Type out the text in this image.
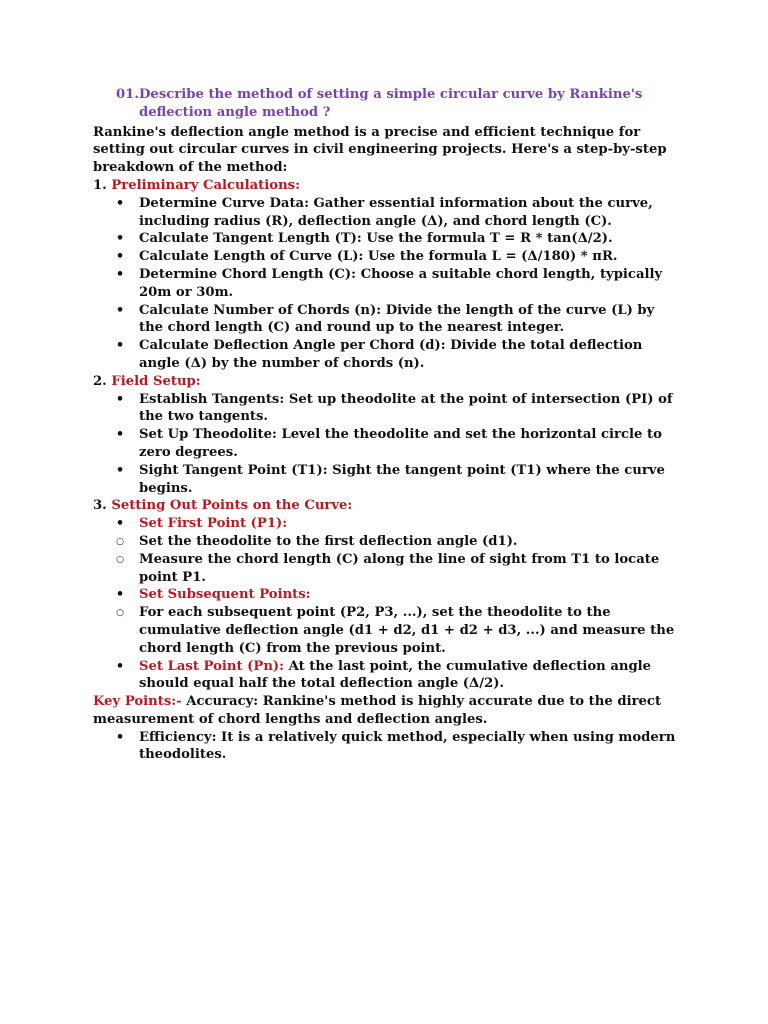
01. Describe the method of setting a simple circular curve by Rankine's deflection angle method ?

Rankine's deflection angle method is a precise and efficient technique for setting out circular curves in civil engineering projects. Here's a step-by-step breakdown of the method:

1. Preliminary Calculations:

•
Determine Curve Data: Gather essential information about the curve, including radius (R), deflection angle (Δ), and chord length (C).
•
Calculate Tangent Length (T): Use the formula T = R * tan(Δ/2).
•
Calculate Length of Curve (L): Use the formula L = (Δ/180) * πR.
•
Determine Chord Length (C): Choose a suitable chord length, typically 20m or 30m.
•
Calculate Number of Chords (n): Divide the length of the curve (L) by the chord length (C) and round up to the nearest integer.
•
Calculate Deflection Angle per Chord (d): Divide the total deflection angle (Δ) by the number of chords (n).

2. Field Setup:

•
Establish Tangents: Set up theodolite at the point of intersection (PI) of the two tangents.
•
Set Up Theodolite: Level the theodolite and set the horizontal circle to zero degrees.
•
Sight Tangent Point (T1): Sight the tangent point (T1) where the curve begins.

3. Setting Out Points on the Curve:

•
Set First Point (P1):
○
Set the theodolite to the first deflection angle (d1).
○
Measure the chord length (C) along the line of sight from T1 to locate point P1.
•
Set Subsequent Points:
○
For each subsequent point (P2, P3, ...), set the theodolite to the cumulative deflection angle (d1 + d2, d1 + d2 + d3, ...) and measure the chord length (C) from the previous point.
•
Set Last Point (Pn): At the last point, the cumulative deflection angle should equal half the total deflection angle (Δ/2).

Key Points:- Accuracy: Rankine's method is highly accurate due to the direct measurement of chord lengths and deflection angles.

•
Efficiency: It is a relatively quick method, especially when using modern theodolites.
